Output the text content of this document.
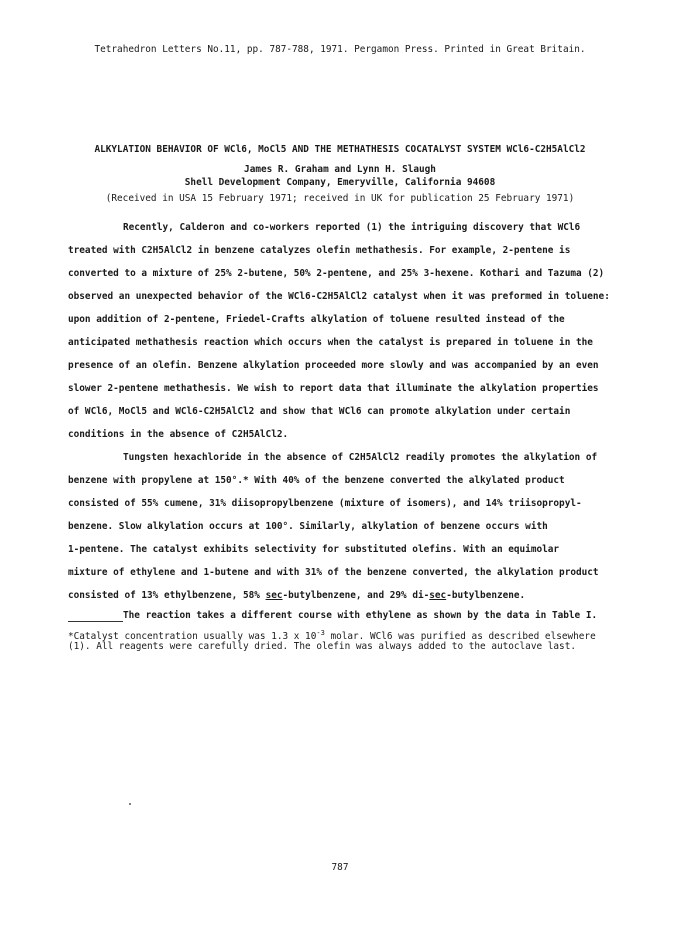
Tetrahedron Letters No.11, pp. 787-788, 1971. Pergamon Press. Printed in Great Britain.
ALKYLATION BEHAVIOR OF WCl6, MoCl5 AND THE METHATHESIS COCATALYST SYSTEM WCl6-C2H5AlCl2
James R. Graham and Lynn H. Slaugh
Shell Development Company, Emeryville, California 94608
(Received in USA 15 February 1971; received in UK for publication 25 February 1971)
Recently, Calderon and co-workers reported (1) the intriguing discovery that WCl6
treated with C2H5AlCl2 in benzene catalyzes olefin methathesis. For example, 2-pentene is
converted to a mixture of 25% 2-butene, 50% 2-pentene, and 25% 3-hexene. Kothari and Tazuma (2)
observed an unexpected behavior of the WCl6-C2H5AlCl2 catalyst when it was preformed in toluene:
upon addition of 2-pentene, Friedel-Crafts alkylation of toluene resulted instead of the
anticipated methathesis reaction which occurs when the catalyst is prepared in toluene in the
presence of an olefin. Benzene alkylation proceeded more slowly and was accompanied by an even
slower 2-pentene methathesis. We wish to report data that illuminate the alkylation properties
of WCl6, MoCl5 and WCl6-C2H5AlCl2 and show that WCl6 can promote alkylation under certain
conditions in the absence of C2H5AlCl2.
Tungsten hexachloride in the absence of C2H5AlCl2 readily promotes the alkylation of
benzene with propylene at 150°.* With 40% of the benzene converted the alkylated product
consisted of 55% cumene, 31% diisopropylbenzene (mixture of isomers), and 14% triisopropyl-
benzene. Slow alkylation occurs at 100°. Similarly, alkylation of benzene occurs with
1-pentene. The catalyst exhibits selectivity for substituted olefins. With an equimolar
mixture of ethylene and 1-butene and with 31% of the benzene converted, the alkylation product
consisted of 13% ethylbenzene, 58% sec-butylbenzene, and 29% di-sec-butylbenzene.
The reaction takes a different course with ethylene as shown by the data in Table I.
*Catalyst concentration usually was 1.3 x $10^{-3}$ molar. WCl6 was purified as described elsewhere
(1). All reagents were carefully dried. The olefin was always added to the autoclave last.
787
